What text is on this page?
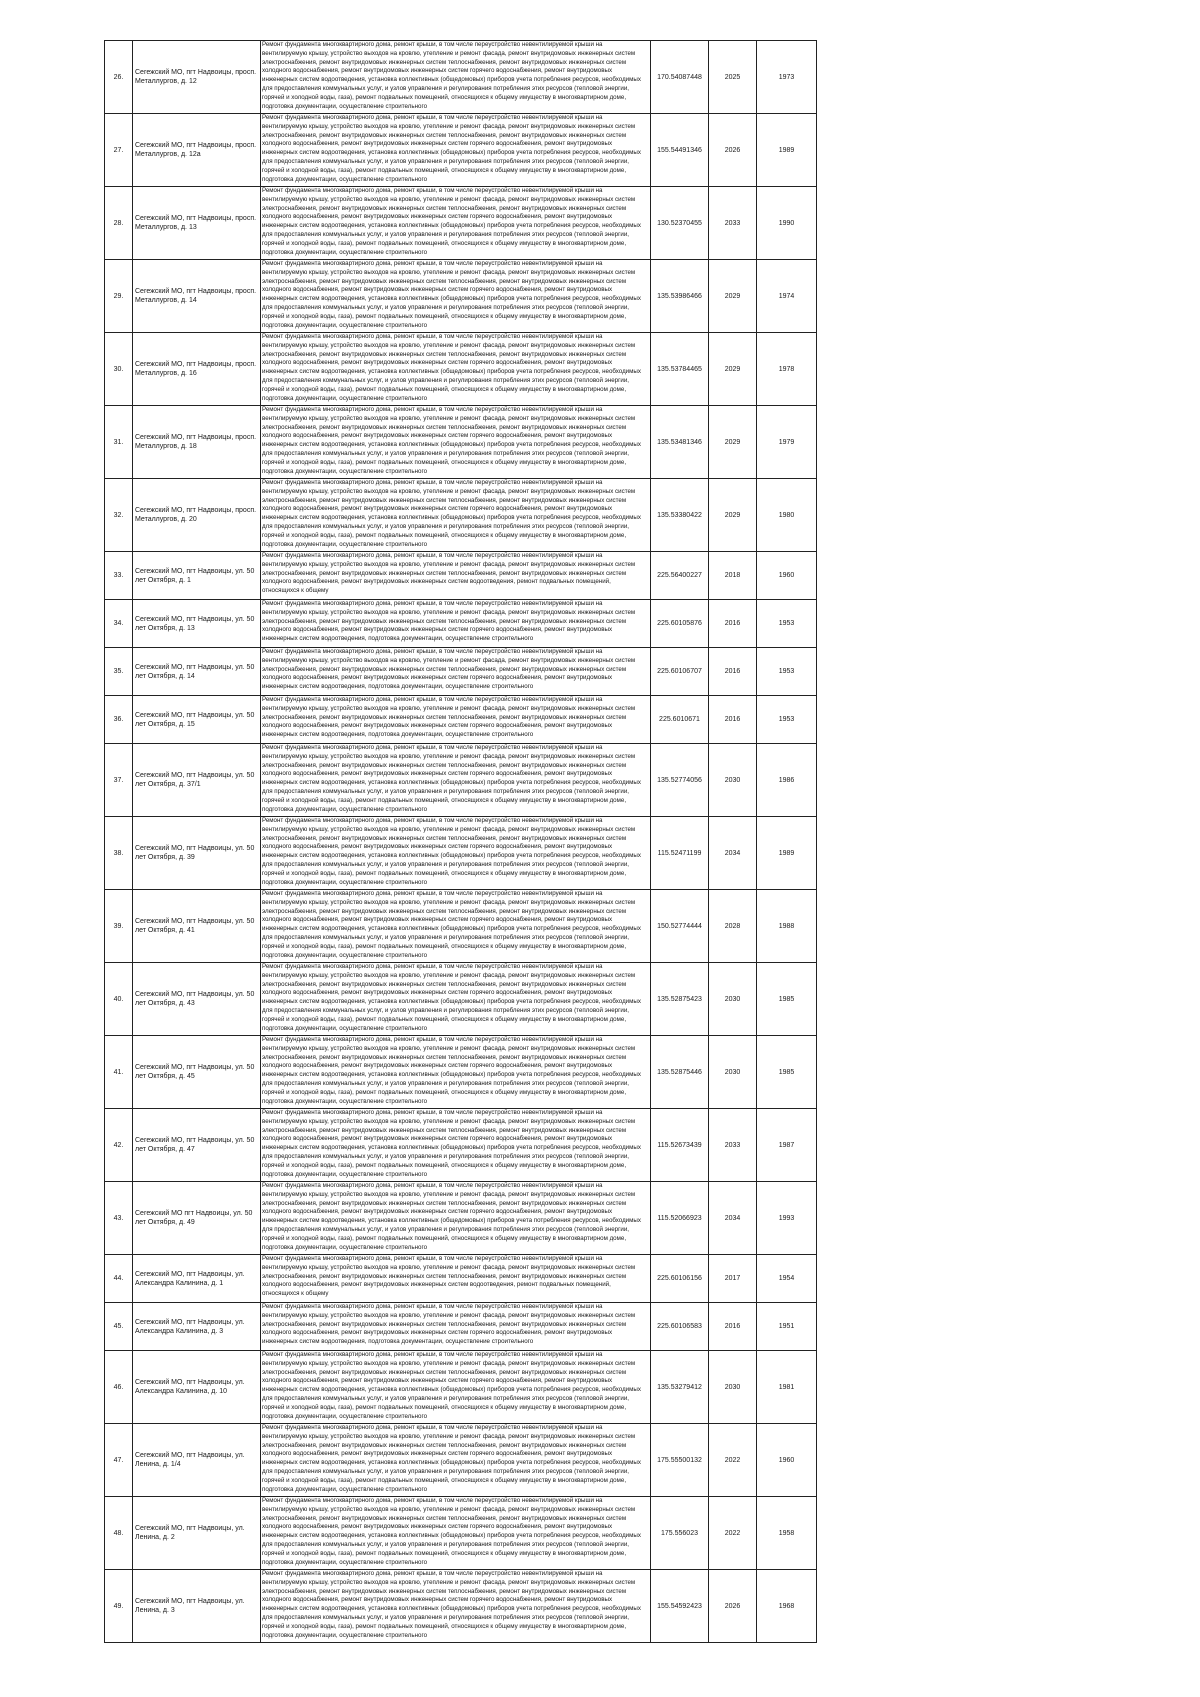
26.	Сегежский МО, пгт Надвоицы, просп. Металлургов, д. 12	Ремонт фундамента многоквартирного дома, ремонт крыши, в том числе переустройство невентилируемой крыши на вентилируемую крышу, устройство выходов на кровлю, утепление и ремонт фасада, ремонт внутридомовых инженерных систем электроснабжения, ремонт внутридомовых инженерных систем теплоснабжения, ремонт внутридомовых инженерных систем холодного водоснабжения, ремонт внутридомовых инженерных систем горячего водоснабжения, ремонт внутридомовых инженерных систем водоотведения, установка коллективных (общедомовых) приборов учета потребления ресурсов, необходимых для предоставления коммунальных услуг, и узлов управления и регулирования потребления этих ресурсов (тепловой энергии, горячей и холодной воды, газа), ремонт подвальных помещений, относящихся к общему имуществу в многоквартирном доме, подготовка документации, осуществление строительного	170.54087448	2025	1973
27.	Сегежский МО, пгт Надвоицы, просп. Металлургов, д. 12а	Ремонт фундамента многоквартирного дома, ремонт крыши, в том числе переустройство невентилируемой крыши на вентилируемую крышу, устройство выходов на кровлю, утепление и ремонт фасада, ремонт внутридомовых инженерных систем электроснабжения, ремонт внутридомовых инженерных систем теплоснабжения, ремонт внутридомовых инженерных систем холодного водоснабжения, ремонт внутридомовых инженерных систем горячего водоснабжения, ремонт внутридомовых инженерных систем водоотведения, установка коллективных (общедомовых) приборов учета потребления ресурсов, необходимых для предоставления коммунальных услуг, и узлов управления и регулирования потребления этих ресурсов (тепловой энергии, горячей и холодной воды, газа), ремонт подвальных помещений, относящихся к общему имуществу в многоквартирном доме, подготовка документации, осуществление строительного	155.54491346	2026	1989
28.	Сегежский МО, пгт Надвоицы, просп. Металлургов, д. 13	Ремонт фундамента многоквартирного дома, ремонт крыши, в том числе переустройство невентилируемой крыши на вентилируемую крышу, устройство выходов на кровлю, утепление и ремонт фасада, ремонт внутридомовых инженерных систем электроснабжения, ремонт внутридомовых инженерных систем теплоснабжения, ремонт внутридомовых инженерных систем холодного водоснабжения, ремонт внутридомовых инженерных систем горячего водоснабжения, ремонт внутридомовых инженерных систем водоотведения, установка коллективных (общедомовых) приборов учета потребления ресурсов, необходимых для предоставления коммунальных услуг, и узлов управления и регулирования потребления этих ресурсов (тепловой энергии, горячей и холодной воды, газа), ремонт подвальных помещений, относящихся к общему имуществу в многоквартирном доме, подготовка документации, осуществление строительного	130.52370455	2033	1990
29.	Сегежский МО, пгт Надвоицы, просп. Металлургов, д. 14	Ремонт фундамента многоквартирного дома, ремонт крыши, в том числе переустройство невентилируемой крыши на вентилируемую крышу, устройство выходов на кровлю, утепление и ремонт фасада, ремонт внутридомовых инженерных систем электроснабжения, ремонт внутридомовых инженерных систем теплоснабжения, ремонт внутридомовых инженерных систем холодного водоснабжения, ремонт внутридомовых инженерных систем горячего водоснабжения, ремонт внутридомовых инженерных систем водоотведения, установка коллективных (общедомовых) приборов учета потребления ресурсов, необходимых для предоставления коммунальных услуг, и узлов управления и регулирования потребления этих ресурсов (тепловой энергии, горячей и холодной воды, газа), ремонт подвальных помещений, относящихся к общему имуществу в многоквартирном доме, подготовка документации, осуществление строительного	135.53986466	2029	1974
30.	Сегежский МО, пгт Надвоицы, просп. Металлургов, д. 16	Ремонт фундамента многоквартирного дома, ремонт крыши, в том числе переустройство невентилируемой крыши на вентилируемую крышу, устройство выходов на кровлю, утепление и ремонт фасада, ремонт внутридомовых инженерных систем электроснабжения, ремонт внутридомовых инженерных систем теплоснабжения, ремонт внутридомовых инженерных систем холодного водоснабжения, ремонт внутридомовых инженерных систем горячего водоснабжения, ремонт внутридомовых инженерных систем водоотведения, установка коллективных (общедомовых) приборов учета потребления ресурсов, необходимых для предоставления коммунальных услуг, и узлов управления и регулирования потребления этих ресурсов (тепловой энергии, горячей и холодной воды, газа), ремонт подвальных помещений, относящихся к общему имуществу в многоквартирном доме, подготовка документации, осуществление строительного	135.53784465	2029	1978
31.	Сегежский МО, пгт Надвоицы, просп. Металлургов, д. 18	Ремонт фундамента многоквартирного дома, ремонт крыши, в том числе переустройство невентилируемой крыши на вентилируемую крышу, устройство выходов на кровлю, утепление и ремонт фасада, ремонт внутридомовых инженерных систем электроснабжения, ремонт внутридомовых инженерных систем теплоснабжения, ремонт внутридомовых инженерных систем холодного водоснабжения, ремонт внутридомовых инженерных систем горячего водоснабжения, ремонт внутридомовых инженерных систем водоотведения, установка коллективных (общедомовых) приборов учета потребления ресурсов, необходимых для предоставления коммунальных услуг, и узлов управления и регулирования потребления этих ресурсов (тепловой энергии, горячей и холодной воды, газа), ремонт подвальных помещений, относящихся к общему имуществу в многоквартирном доме, подготовка документации, осуществление строительного	135.53481346	2029	1979
32.	Сегежский МО, пгт Надвоицы, просп. Металлургов, д. 20	Ремонт фундамента многоквартирного дома, ремонт крыши, в том числе переустройство невентилируемой крыши на вентилируемую крышу, устройство выходов на кровлю, утепление и ремонт фасада, ремонт внутридомовых инженерных систем электроснабжения, ремонт внутридомовых инженерных систем теплоснабжения, ремонт внутридомовых инженерных систем холодного водоснабжения, ремонт внутридомовых инженерных систем горячего водоснабжения, ремонт внутридомовых инженерных систем водоотведения, установка коллективных (общедомовых) приборов учета потребления ресурсов, необходимых для предоставления коммунальных услуг, и узлов управления и регулирования потребления этих ресурсов (тепловой энергии, горячей и холодной воды, газа), ремонт подвальных помещений, относящихся к общему имуществу в многоквартирном доме, подготовка документации, осуществление строительного	135.53380422	2029	1980
33.	Сегежский МО, пгт Надвоицы, ул. 50 лет Октября, д. 1	Ремонт фундамента многоквартирного дома, ремонт крыши, в том числе переустройство невентилируемой крыши на вентилируемую крышу, устройство выходов на кровлю, утепление и ремонт фасада, ремонт внутридомовых инженерных систем электроснабжения, ремонт внутридомовых инженерных систем теплоснабжения, ремонт внутридомовых инженерных систем холодного водоснабжения, ремонт внутридомовых инженерных систем водоотведения, ремонт подвальных помещений, относящихся к общему	225.56400227	2018	1960
34.	Сегежский МО, пгт Надвоицы, ул. 50 лет Октября, д. 13	Ремонт фундамента многоквартирного дома, ремонт крыши, в том числе переустройство невентилируемой крыши на вентилируемую крышу, устройство выходов на кровлю, утепление и ремонт фасада, ремонт внутридомовых инженерных систем электроснабжения, ремонт внутридомовых инженерных систем теплоснабжения, ремонт внутридомовых инженерных систем холодного водоснабжения, ремонт внутридомовых инженерных систем горячего водоснабжения, ремонт внутридомовых инженерных систем водоотведения, подготовка документации, осуществление строительного	225.60105876	2016	1953
35.	Сегежский МО, пгт Надвоицы, ул. 50 лет Октября, д. 14	Ремонт фундамента многоквартирного дома, ремонт крыши, в том числе переустройство невентилируемой крыши на вентилируемую крышу, устройство выходов на кровлю, утепление и ремонт фасада, ремонт внутридомовых инженерных систем электроснабжения, ремонт внутридомовых инженерных систем теплоснабжения, ремонт внутридомовых инженерных систем холодного водоснабжения, ремонт внутридомовых инженерных систем горячего водоснабжения, ремонт внутридомовых инженерных систем водоотведения, подготовка документации, осуществление строительного	225.60106707	2016	1953
36.	Сегежский МО, пгт Надвоицы, ул. 50 лет Октября, д. 15	Ремонт фундамента многоквартирного дома, ремонт крыши, в том числе переустройство невентилируемой крыши на вентилируемую крышу, устройство выходов на кровлю, утепление и ремонт фасада, ремонт внутридомовых инженерных систем электроснабжения, ремонт внутридомовых инженерных систем теплоснабжения, ремонт внутридомовых инженерных систем холодного водоснабжения, ремонт внутридомовых инженерных систем горячего водоснабжения, ремонт внутридомовых инженерных систем водоотведения, подготовка документации, осуществление строительного	225.6010671	2016	1953
37.	Сегежский МО, пгт Надвоицы, ул. 50 лет Октября, д. 37/1	Ремонт фундамента многоквартирного дома, ремонт крыши, в том числе переустройство невентилируемой крыши на вентилируемую крышу, устройство выходов на кровлю, утепление и ремонт фасада, ремонт внутридомовых инженерных систем электроснабжения, ремонт внутридомовых инженерных систем теплоснабжения, ремонт внутридомовых инженерных систем холодного водоснабжения, ремонт внутридомовых инженерных систем горячего водоснабжения, ремонт внутридомовых инженерных систем водоотведения, установка коллективных (общедомовых) приборов учета потребления ресурсов, необходимых для предоставления коммунальных услуг, и узлов управления и регулирования потребления этих ресурсов (тепловой энергии, горячей и холодной воды, газа), ремонт подвальных помещений, относящихся к общему имуществу в многоквартирном доме, подготовка документации, осуществление строительного	135.52774056	2030	1986
38.	Сегежский МО, пгт Надвоицы, ул. 50 лет Октября, д. 39	Ремонт фундамента многоквартирного дома, ремонт крыши, в том числе переустройство невентилируемой крыши на вентилируемую крышу, устройство выходов на кровлю, утепление и ремонт фасада, ремонт внутридомовых инженерных систем электроснабжения, ремонт внутридомовых инженерных систем теплоснабжения, ремонт внутридомовых инженерных систем холодного водоснабжения, ремонт внутридомовых инженерных систем горячего водоснабжения, ремонт внутридомовых инженерных систем водоотведения, установка коллективных (общедомовых) приборов учета потребления ресурсов, необходимых для предоставления коммунальных услуг, и узлов управления и регулирования потребления этих ресурсов (тепловой энергии, горячей и холодной воды, газа), ремонт подвальных помещений, относящихся к общему имуществу в многоквартирном доме, подготовка документации, осуществление строительного	115.52471199	2034	1989
39.	Сегежский МО, пгт Надвоицы, ул. 50 лет Октября, д. 41	Ремонт фундамента многоквартирного дома, ремонт крыши, в том числе переустройство невентилируемой крыши на вентилируемую крышу, устройство выходов на кровлю, утепление и ремонт фасада, ремонт внутридомовых инженерных систем электроснабжения, ремонт внутридомовых инженерных систем теплоснабжения, ремонт внутридомовых инженерных систем холодного водоснабжения, ремонт внутридомовых инженерных систем горячего водоснабжения, ремонт внутридомовых инженерных систем водоотведения, установка коллективных (общедомовых) приборов учета потребления ресурсов, необходимых для предоставления коммунальных услуг, и узлов управления и регулирования потребления этих ресурсов (тепловой энергии, горячей и холодной воды, газа), ремонт подвальных помещений, относящихся к общему имуществу в многоквартирном доме, подготовка документации, осуществление строительного	150.52774444	2028	1988
40.	Сегежский МО, пгт Надвоицы, ул. 50 лет Октября, д. 43	Ремонт фундамента многоквартирного дома, ремонт крыши, в том числе переустройство невентилируемой крыши на вентилируемую крышу, устройство выходов на кровлю, утепление и ремонт фасада, ремонт внутридомовых инженерных систем электроснабжения, ремонт внутридомовых инженерных систем теплоснабжения, ремонт внутридомовых инженерных систем холодного водоснабжения, ремонт внутридомовых инженерных систем горячего водоснабжения, ремонт внутридомовых инженерных систем водоотведения, установка коллективных (общедомовых) приборов учета потребления ресурсов, необходимых для предоставления коммунальных услуг, и узлов управления и регулирования потребления этих ресурсов (тепловой энергии, горячей и холодной воды, газа), ремонт подвальных помещений, относящихся к общему имуществу в многоквартирном доме, подготовка документации, осуществление строительного	135.52875423	2030	1985
41.	Сегежский МО, пгт Надвоицы, ул. 50 лет Октября, д. 45	Ремонт фундамента многоквартирного дома, ремонт крыши, в том числе переустройство невентилируемой крыши на вентилируемую крышу, устройство выходов на кровлю, утепление и ремонт фасада, ремонт внутридомовых инженерных систем электроснабжения, ремонт внутридомовых инженерных систем теплоснабжения, ремонт внутридомовых инженерных систем холодного водоснабжения, ремонт внутридомовых инженерных систем горячего водоснабжения, ремонт внутридомовых инженерных систем водоотведения, установка коллективных (общедомовых) приборов учета потребления ресурсов, необходимых для предоставления коммунальных услуг, и узлов управления и регулирования потребления этих ресурсов (тепловой энергии, горячей и холодной воды, газа), ремонт подвальных помещений, относящихся к общему имуществу в многоквартирном доме, подготовка документации, осуществление строительного	135.52875446	2030	1985
42.	Сегежский МО, пгт Надвоицы, ул. 50 лет Октября, д. 47	Ремонт фундамента многоквартирного дома, ремонт крыши, в том числе переустройство невентилируемой крыши на вентилируемую крышу, устройство выходов на кровлю, утепление и ремонт фасада, ремонт внутридомовых инженерных систем электроснабжения, ремонт внутридомовых инженерных систем теплоснабжения, ремонт внутридомовых инженерных систем холодного водоснабжения, ремонт внутридомовых инженерных систем горячего водоснабжения, ремонт внутридомовых инженерных систем водоотведения, установка коллективных (общедомовых) приборов учета потребления ресурсов, необходимых для предоставления коммунальных услуг, и узлов управления и регулирования потребления этих ресурсов (тепловой энергии, горячей и холодной воды, газа), ремонт подвальных помещений, относящихся к общему имуществу в многоквартирном доме, подготовка документации, осуществление строительного	115.52673439	2033	1987
43.	Сегежский МО пгт Надвоицы, ул. 50 лет Октября, д. 49	Ремонт фундамента многоквартирного дома, ремонт крыши, в том числе переустройство невентилируемой крыши на вентилируемую крышу, устройство выходов на кровлю, утепление и ремонт фасада, ремонт внутридомовых инженерных систем электроснабжения, ремонт внутридомовых инженерных систем теплоснабжения, ремонт внутридомовых инженерных систем холодного водоснабжения, ремонт внутридомовых инженерных систем горячего водоснабжения, ремонт внутридомовых инженерных систем водоотведения, установка коллективных (общедомовых) приборов учета потребления ресурсов, необходимых для предоставления коммунальных услуг, и узлов управления и регулирования потребления этих ресурсов (тепловой энергии, горячей и холодной воды, газа), ремонт подвальных помещений, относящихся к общему имуществу в многоквартирном доме, подготовка документации, осуществление строительного	115.52066923	2034	1993
44.	Сегежский МО, пгт Надвоицы, ул. Александра Калинина, д. 1	Ремонт фундамента многоквартирного дома, ремонт крыши, в том числе переустройство невентилируемой крыши на вентилируемую крышу, устройство выходов на кровлю, утепление и ремонт фасада, ремонт внутридомовых инженерных систем электроснабжения, ремонт внутридомовых инженерных систем теплоснабжения, ремонт внутридомовых инженерных систем холодного водоснабжения, ремонт внутридомовых инженерных систем водоотведения, ремонт подвальных помещений, относящихся к общему	225.60106156	2017	1954
45.	Сегежский МО, пгт Надвоицы, ул. Александра Калинина, д. 3	Ремонт фундамента многоквартирного дома, ремонт крыши, в том числе переустройство невентилируемой крыши на вентилируемую крышу, устройство выходов на кровлю, утепление и ремонт фасада, ремонт внутридомовых инженерных систем электроснабжения, ремонт внутридомовых инженерных систем теплоснабжения, ремонт внутридомовых инженерных систем холодного водоснабжения, ремонт внутридомовых инженерных систем горячего водоснабжения, ремонт внутридомовых инженерных систем водоотведения, подготовка документации, осуществление строительного	225.60106583	2016	1951
46.	Сегежский МО, пгт Надвоицы, ул. Александра Калинина, д. 10	Ремонт фундамента многоквартирного дома, ремонт крыши, в том числе переустройство невентилируемой крыши на вентилируемую крышу, устройство выходов на кровлю, утепление и ремонт фасада, ремонт внутридомовых инженерных систем электроснабжения, ремонт внутридомовых инженерных систем теплоснабжения, ремонт внутридомовых инженерных систем холодного водоснабжения, ремонт внутридомовых инженерных систем горячего водоснабжения, ремонт внутридомовых инженерных систем водоотведения, установка коллективных (общедомовых) приборов учета потребления ресурсов, необходимых для предоставления коммунальных услуг, и узлов управления и регулирования потребления этих ресурсов (тепловой энергии, горячей и холодной воды, газа), ремонт подвальных помещений, относящихся к общему имуществу в многоквартирном доме, подготовка документации, осуществление строительного	135.53279412	2030	1981
47.	Сегежский МО, пгт Надвоицы, ул. Ленина, д. 1/4	Ремонт фундамента многоквартирного дома, ремонт крыши, в том числе переустройство невентилируемой крыши на вентилируемую крышу, устройство выходов на кровлю, утепление и ремонт фасада, ремонт внутридомовых инженерных систем электроснабжения, ремонт внутридомовых инженерных систем теплоснабжения, ремонт внутридомовых инженерных систем холодного водоснабжения, ремонт внутридомовых инженерных систем горячего водоснабжения, ремонт внутридомовых инженерных систем водоотведения, установка коллективных (общедомовых) приборов учета потребления ресурсов, необходимых для предоставления коммунальных услуг, и узлов управления и регулирования потребления этих ресурсов (тепловой энергии, горячей и холодной воды, газа), ремонт подвальных помещений, относящихся к общему имуществу в многоквартирном доме, подготовка документации, осуществление строительного	175.55500132	2022	1960
48.	Сегежский МО, пгт Надвоицы, ул. Ленина, д. 2	Ремонт фундамента многоквартирного дома, ремонт крыши, в том числе переустройство невентилируемой крыши на вентилируемую крышу, устройство выходов на кровлю, утепление и ремонт фасада, ремонт внутридомовых инженерных систем электроснабжения, ремонт внутридомовых инженерных систем теплоснабжения, ремонт внутридомовых инженерных систем холодного водоснабжения, ремонт внутридомовых инженерных систем горячего водоснабжения, ремонт внутридомовых инженерных систем водоотведения, установка коллективных (общедомовых) приборов учета потребления ресурсов, необходимых для предоставления коммунальных услуг, и узлов управления и регулирования потребления этих ресурсов (тепловой энергии, горячей и холодной воды, газа), ремонт подвальных помещений, относящихся к общему имуществу в многоквартирном доме, подготовка документации, осуществление строительного	175.556023	2022	1958
49.	Сегежский МО, пгт Надвоицы, ул. Ленина, д. 3	Ремонт фундамента многоквартирного дома, ремонт крыши, в том числе переустройство невентилируемой крыши на вентилируемую крышу, устройство выходов на кровлю, утепление и ремонт фасада, ремонт внутридомовых инженерных систем электроснабжения, ремонт внутридомовых инженерных систем теплоснабжения, ремонт внутридомовых инженерных систем холодного водоснабжения, ремонт внутридомовых инженерных систем горячего водоснабжения, ремонт внутридомовых инженерных систем водоотведения, установка коллективных (общедомовых) приборов учета потребления ресурсов, необходимых для предоставления коммунальных услуг, и узлов управления и регулирования потребления этих ресурсов (тепловой энергии, горячей и холодной воды, газа), ремонт подвальных помещений, относящихся к общему имуществу в многоквартирном доме, подготовка документации, осуществление строительного	155.54592423	2026	1968
